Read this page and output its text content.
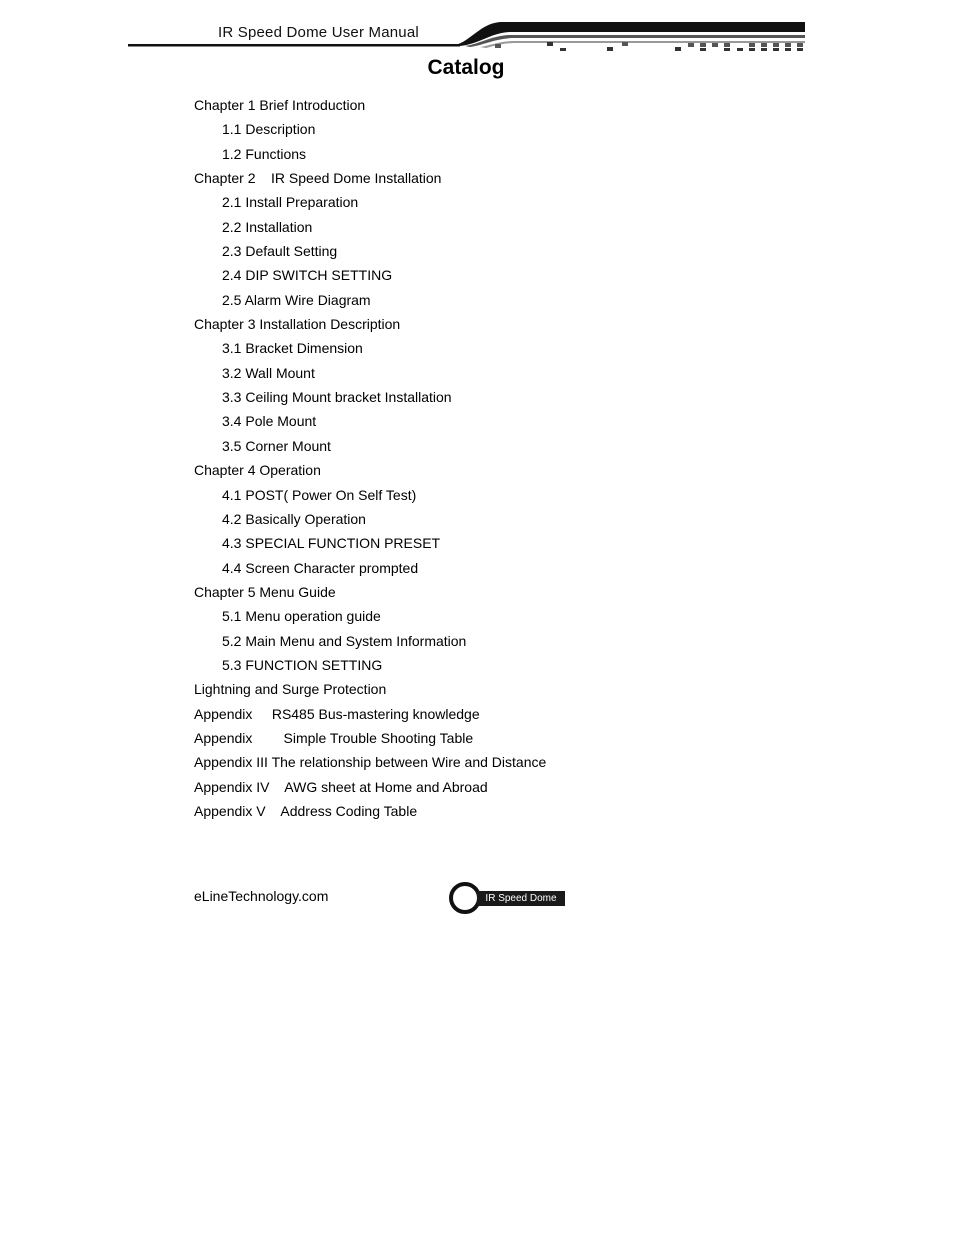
IR Speed Dome User Manual
Catalog
Chapter 1 Brief Introduction
1.1 Description
1.2 Functions
Chapter 2    IR Speed Dome Installation
2.1 Install Preparation
2.2 Installation
2.3 Default Setting
2.4 DIP SWITCH SETTING
2.5 Alarm Wire Diagram
Chapter 3 Installation Description
3.1 Bracket Dimension
3.2 Wall Mount
3.3 Ceiling Mount bracket Installation
3.4 Pole Mount
3.5 Corner Mount
Chapter 4 Operation
4.1 POST( Power On Self Test)
4.2 Basically Operation
4.3 SPECIAL FUNCTION PRESET
4.4 Screen Character prompted
Chapter 5 Menu Guide
5.1 Menu operation guide
5.2 Main Menu and System Information
5.3 FUNCTION SETTING
Lightning and Surge Protection
Appendix     RS485 Bus-mastering knowledge
Appendix        Simple Trouble Shooting Table
Appendix III The relationship between Wire and Distance
Appendix IV    AWG sheet at Home and Abroad
Appendix V    Address Coding Table
eLineTechnology.com	IR Speed Dome
